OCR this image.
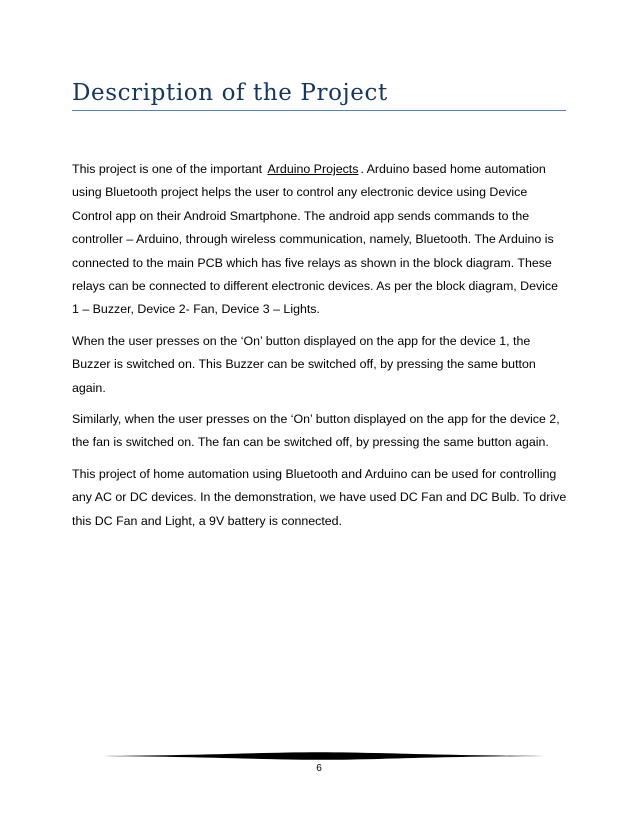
Description of the Project

This project is one of the important Arduino Projects . Arduino based home automation using Bluetooth project helps the user to control any electronic device using Device Control app on their Android Smartphone. The android app sends commands to the controller – Arduino, through wireless communication, namely, Bluetooth. The Arduino is connected to the main PCB which has five relays as shown in the block diagram. These relays can be connected to different electronic devices. As per the block diagram, Device 1 – Buzzer, Device 2- Fan, Device 3 – Lights.

When the user presses on the ‘On’ button displayed on the app for the device 1, the Buzzer is switched on. This Buzzer can be switched off, by pressing the same button again.

Similarly, when the user presses on the ‘On’ button displayed on the app for the device 2, the fan is switched on. The fan can be switched off, by pressing the same button again.

This project of home automation using Bluetooth and Arduino can be used for controlling any AC or DC devices. In the demonstration, we have used DC Fan and DC Bulb. To drive this DC Fan and Light, a 9V battery is connected.

6
